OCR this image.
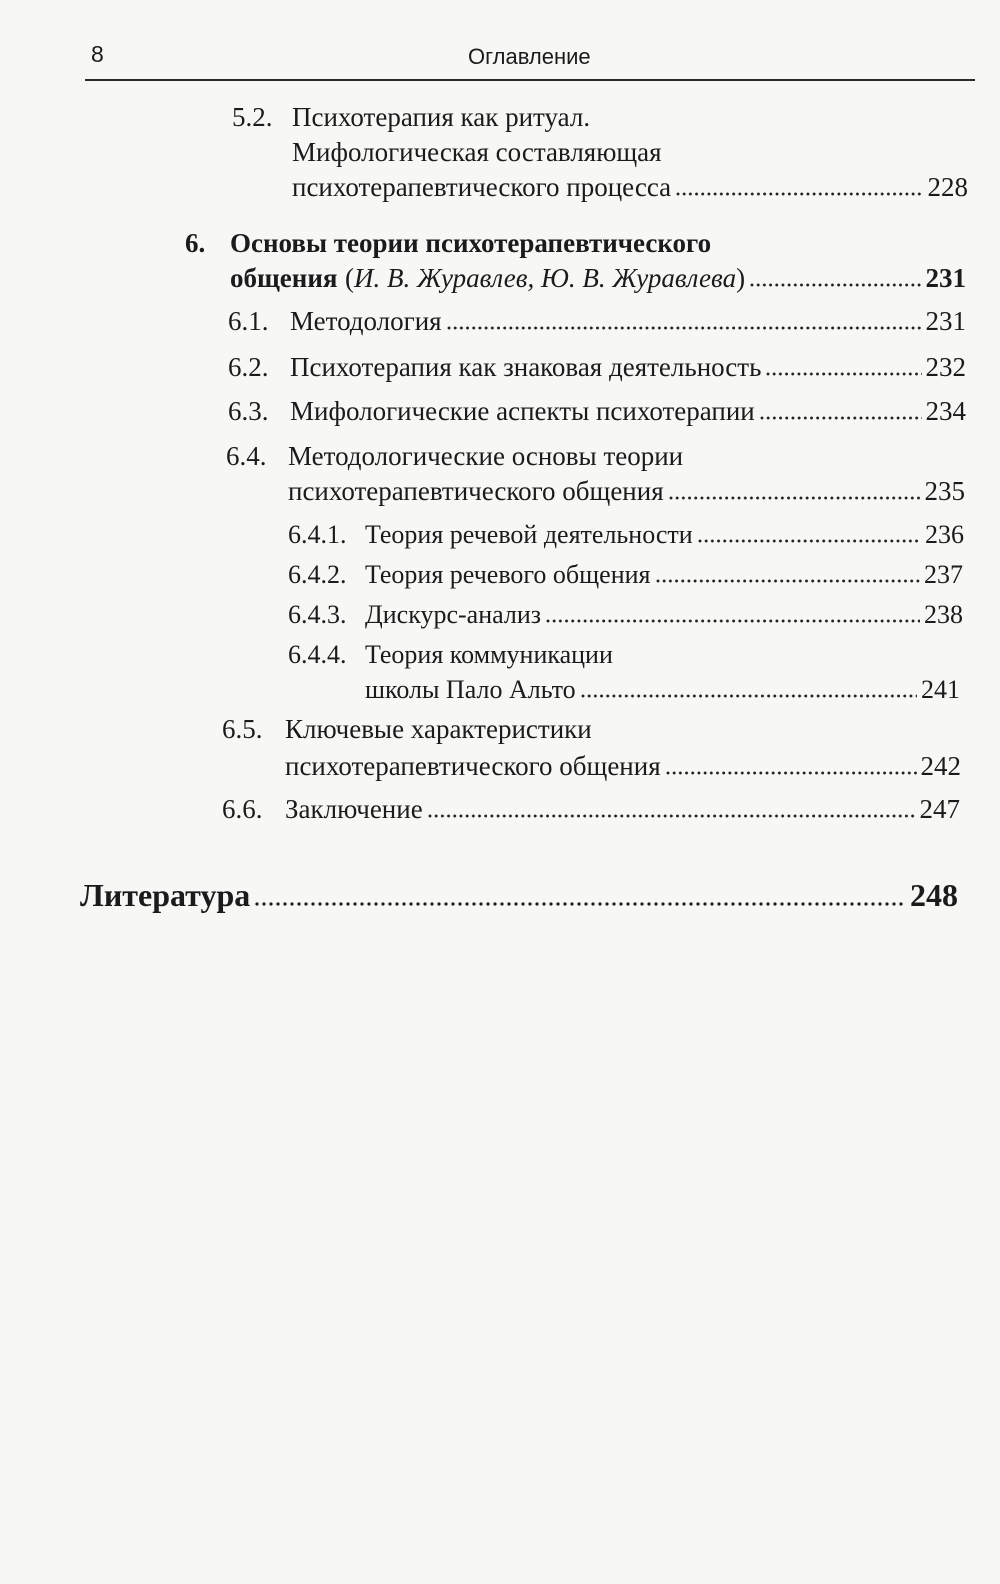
8	Оглавление
5.2. Психотерапия как ритуал.
Мифологическая составляющая
психотерапевтического процесса	228
6. Основы теории психотерапевтического
общения ( И. В. Журавлев, Ю. В. Журавлева )	231
6.1. Методология	231
6.2. Психотерапия как знаковая деятельность	232
6.3. Мифологические аспекты психотерапии	234
6.4. Методологические основы теории
психотерапевтического общения	235
6.4.1. Теория речевой деятельности	236
6.4.2. Теория речевого общения	237
6.4.3. Дискурс-анализ	238
6.4.4. Теория коммуникации
школы Пало Альто	241
6.5. Ключевые характеристики
психотерапевтического общения	242
6.6. Заключение	247
Литература	248
